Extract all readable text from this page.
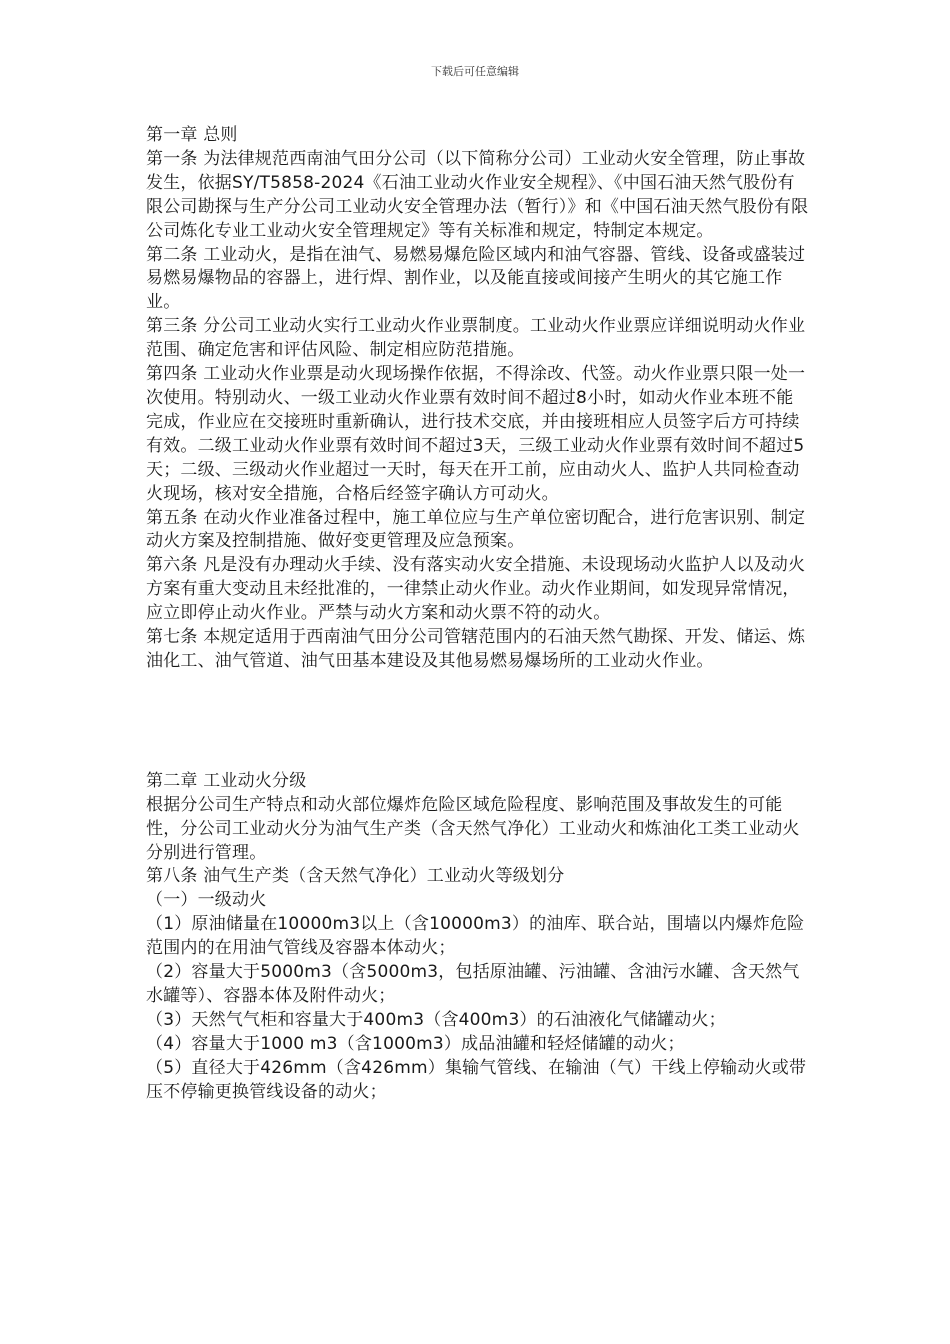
下载后可任意编辑

第一章 总则

第一条 为法律规范西南油气田分公司（以下简称分公司）工业动火安全管理，防止事故发生，依据SY/T5858-2024《石油工业动火作业安全规程》、《中国石油天然气股份有限公司勘探与生产分公司工业动火安全管理办法（暂行）》和《中国石油天然气股份有限公司炼化专业工业动火安全管理规定》等有关标准和规定，特制定本规定。

第二条 工业动火，是指在油气、易燃易爆危险区域内和油气容器、管线、设备或盛装过易燃易爆物品的容器上，进行焊、割作业，以及能直接或间接产生明火的其它施工作业。

第三条 分公司工业动火实行工业动火作业票制度。工业动火作业票应详细说明动火作业范围、确定危害和评估风险、制定相应防范措施。

第四条 工业动火作业票是动火现场操作依据，不得涂改、代签。动火作业票只限一处一次使用。特别动火、一级工业动火作业票有效时间不超过8小时，如动火作业本班不能完成，作业应在交接班时重新确认，进行技术交底，并由接班相应人员签字后方可持续有效。二级工业动火作业票有效时间不超过3天，三级工业动火作业票有效时间不超过5天；二级、三级动火作业超过一天时，每天在开工前，应由动火人、监护人共同检查动火现场，核对安全措施，合格后经签字确认方可动火。

第五条 在动火作业准备过程中，施工单位应与生产单位密切配合，进行危害识别、制定动火方案及控制措施、做好变更管理及应急预案。

第六条 凡是没有办理动火手续、没有落实动火安全措施、未设现场动火监护人以及动火方案有重大变动且未经批准的，一律禁止动火作业。动火作业期间，如发现异常情况，应立即停止动火作业。严禁与动火方案和动火票不符的动火。

第七条 本规定适用于西南油气田分公司管辖范围内的石油天然气勘探、开发、储运、炼油化工、油气管道、油气田基本建设及其他易燃易爆场所的工业动火作业。

第二章 工业动火分级

根据分公司生产特点和动火部位爆炸危险区域危险程度、影响范围及事故发生的可能性，分公司工业动火分为油气生产类（含天然气净化）工业动火和炼油化工类工业动火分别进行管理。

第八条 油气生产类（含天然气净化）工业动火等级划分

（一）一级动火

（1）原油储量在10000m3以上（含10000m3）的油库、联合站，围墙以内爆炸危险范围内的在用油气管线及容器本体动火；

（2）容量大于5000m3（含5000m3，包括原油罐、污油罐、含油污水罐、含天然气水罐等）、容器本体及附件动火；

（3）天然气气柜和容量大于400m3（含400m3）的石油液化气储罐动火；

（4）容量大于1000 m3（含1000m3）成品油罐和轻烃储罐的动火；

（5）直径大于426mm（含426mm）集输气管线、在输油（气）干线上停输动火或带压不停输更换管线设备的动火；
